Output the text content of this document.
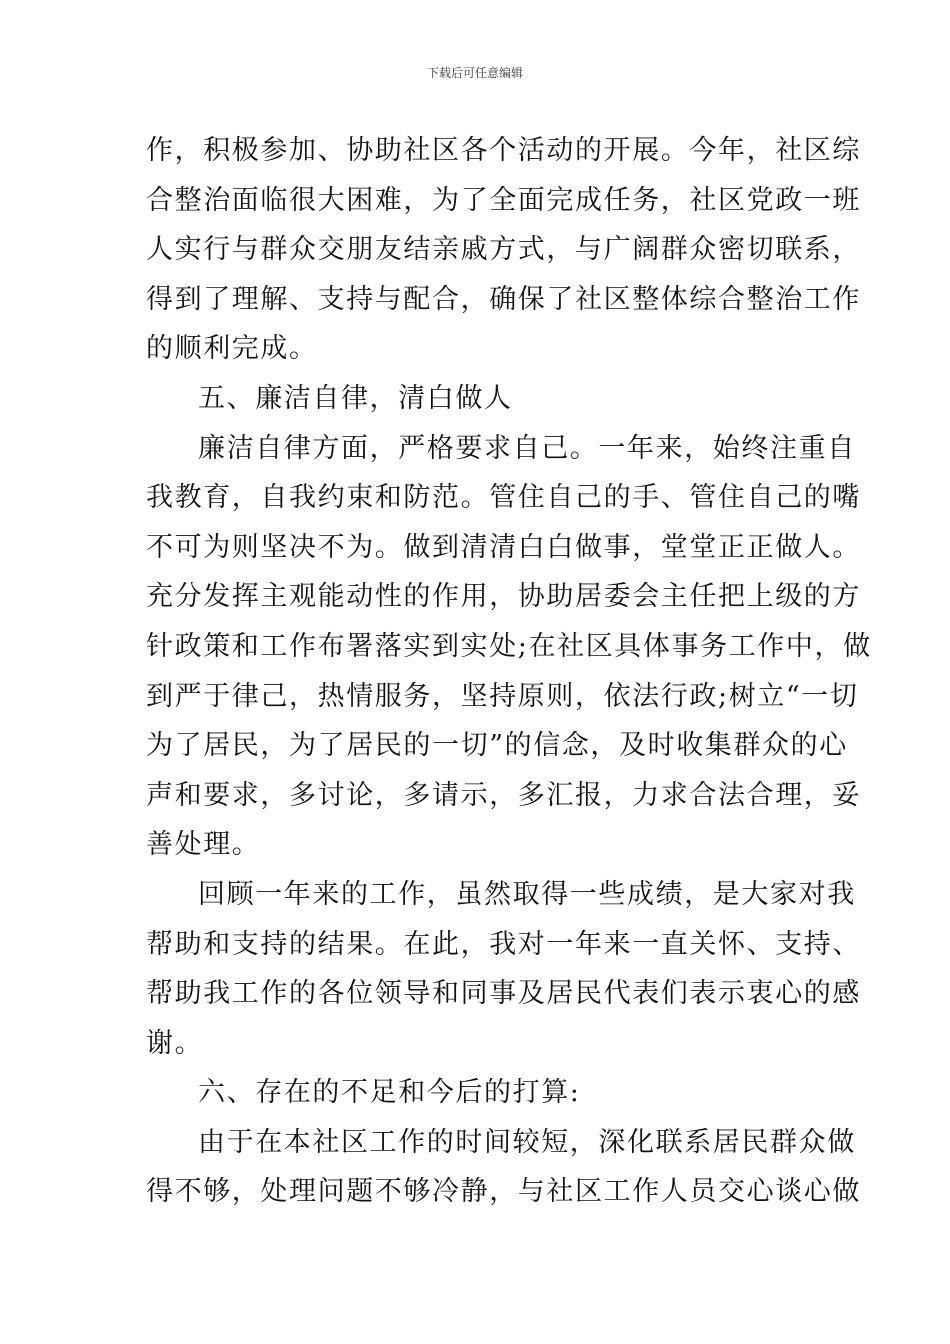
下载后可任意编辑
作，积极参加、协助社区各个活动的开展。今年，社区综
合整治面临很大困难，为了全面完成任务，社区党政一班
人实行与群众交朋友结亲戚方式，与广阔群众密切联系，
得到了理解、支持与配合，确保了社区整体综合整治工作
的顺利完成。
五、廉洁自律，清白做人
廉洁自律方面，严格要求自己。一年来，始终注重自
我教育，自我约束和防范。管住自己的手、管住自己的嘴
不可为则坚决不为。做到清清白白做事，堂堂正正做人。
充分发挥主观能动性的作用，协助居委会主任把上级的方
针政策和工作布署落实到实处;在社区具体事务工作中，做
到严于律己，热情服务，坚持原则，依法行政;树立“一切
为了居民，为了居民的一切”的信念，及时收集群众的心
声和要求，多讨论，多请示，多汇报，力求合法合理，妥
善处理。
回顾一年来的工作，虽然取得一些成绩，是大家对我
帮助和支持的结果。在此，我对一年来一直关怀、支持、
帮助我工作的各位领导和同事及居民代表们表示衷心的感
谢。
六、存在的不足和今后的打算:
由于在本社区工作的时间较短，深化联系居民群众做
得不够，处理问题不够冷静，与社区工作人员交心谈心做
